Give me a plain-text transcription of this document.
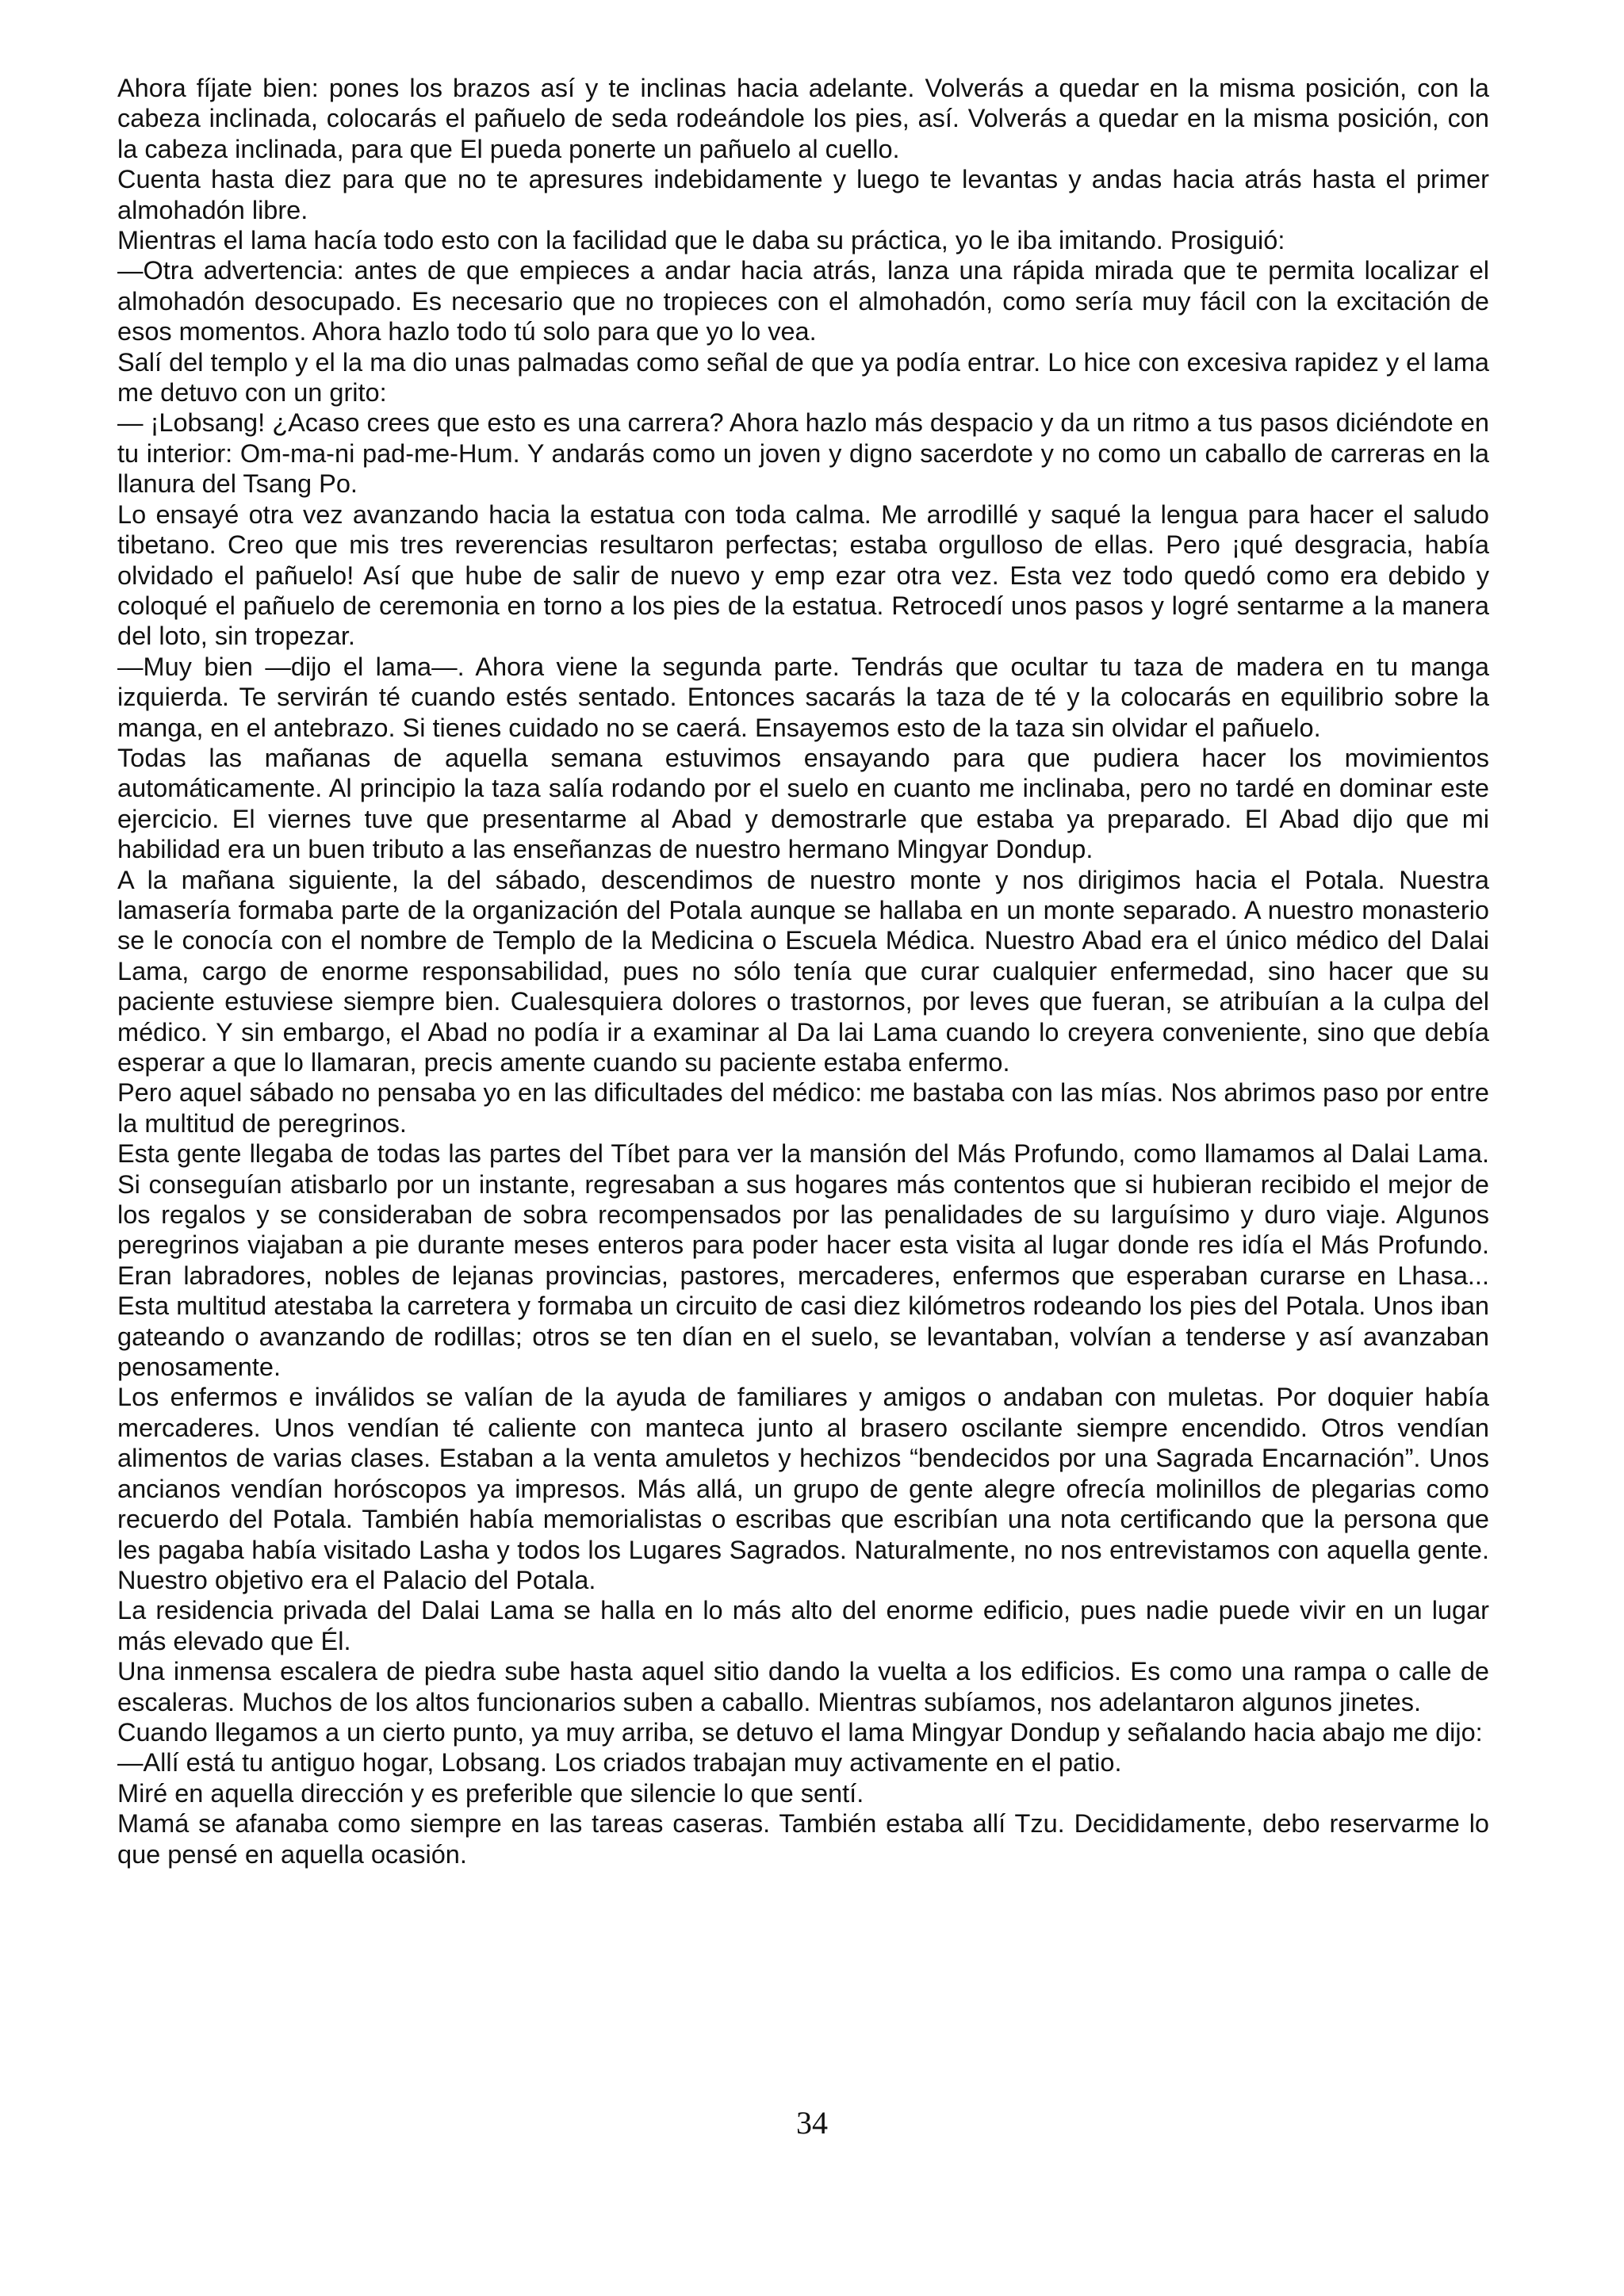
Ahora fíjate bien: pones los brazos así y te inclinas hacia adelante. Volverás a quedar en la misma posición, con la cabeza inclinada, colocarás el pañuelo de seda rodeándole los pies, así. Volverás a quedar en la misma posición, con la cabeza inclinada, para que El pueda ponerte un pañuelo al cuello.

Cuenta hasta diez para que no te apresures indebidamente y luego te levantas y andas hacia atrás hasta el primer almohadón libre.

Mientras el lama hacía todo esto con la facilidad que le daba su práctica, yo le iba imitando. Prosiguió:

—Otra advertencia: antes de que empieces a andar hacia atrás, lanza una rápida mirada que te permita localizar el almohadón desocupado. Es necesario que no tropieces con el almohadón, como sería muy fácil con la excitación de esos momentos. Ahora hazlo todo tú solo para que yo lo vea.

Salí del templo y el la ma dio unas palmadas como señal de que ya podía entrar. Lo hice con excesiva rapidez y el lama me detuvo con un grito:

— ¡Lobsang! ¿Acaso crees que esto es una carrera? Ahora hazlo más despacio y da un ritmo a tus pasos diciéndote en tu interior: Om-ma-ni pad-me-Hum. Y andarás como un joven y digno sacerdote y no como un caballo de carreras en la llanura del Tsang Po.

Lo ensayé otra vez avanzando hacia la estatua con toda calma. Me arrodillé y saqué la lengua para hacer el saludo tibetano. Creo que mis tres reverencias resultaron perfectas; estaba orgulloso de ellas. Pero ¡qué desgracia, había olvidado el pañuelo! Así que hube de salir de nuevo y emp ezar otra vez. Esta vez todo quedó como era debido y coloqué el pañuelo de ceremonia en torno a los pies de la estatua. Retrocedí unos pasos y logré sentarme a la manera del loto, sin tropezar.

—Muy bien —dijo el lama—. Ahora viene la segunda parte. Tendrás que ocultar tu taza de madera en tu manga izquierda. Te servirán té cuando estés sentado. Entonces sacarás la taza de té y la colocarás en equilibrio sobre la manga, en el antebrazo. Si tienes cuidado no se caerá. Ensayemos esto de la taza sin olvidar el pañuelo.

Todas las mañanas de aquella semana estuvimos ensayando para que pudiera hacer los movimientos automáticamente. Al principio la taza salía rodando por el suelo en cuanto me inclinaba, pero no tardé en dominar este ejercicio. El viernes tuve que presentarme al Abad y demostrarle que estaba ya preparado. El Abad dijo que mi habilidad era un buen tributo a las enseñanzas de nuestro hermano Mingyar Dondup.

A la mañana siguiente, la del sábado, descendimos de nuestro monte y nos dirigimos hacia el Potala. Nuestra lamasería formaba parte de la organización del Potala aunque se hallaba en un monte separado. A nuestro monasterio se le conocía con el nombre de Templo de la Medicina o Escuela Médica. Nuestro Abad era el único médico del Dalai Lama, cargo de enorme responsabilidad, pues no sólo tenía que curar cualquier enfermedad, sino hacer que su paciente estuviese siempre bien. Cualesquiera dolores o trastornos, por leves que fueran, se atribuían a la culpa del médico. Y sin embargo, el Abad no podía ir a examinar al Da lai Lama cuando lo creyera conveniente, sino que debía esperar a que lo llamaran, precis amente cuando su paciente estaba enfermo.

Pero aquel sábado no pensaba yo en las dificultades del médico: me bastaba con las mías. Nos abrimos paso por entre la multitud de peregrinos.

Esta gente llegaba de todas las partes del Tíbet para ver la mansión del Más Profundo, como llamamos al Dalai Lama. Si conseguían atisbarlo por un instante, regresaban a sus hogares más contentos que si hubieran recibido el mejor de los regalos y se consideraban de sobra recompensados por las penalidades de su larguísimo y duro viaje. Algunos peregrinos viajaban a pie durante meses enteros para poder hacer esta visita al lugar donde res idía el Más Profundo. Eran labradores, nobles de lejanas provincias, pastores, mercaderes, enfermos que esperaban curarse en Lhasa... Esta multitud atestaba la carretera y formaba un circuito de casi diez kilómetros rodeando los pies del Potala. Unos iban gateando o avanzando de rodillas; otros se ten dían en el suelo, se levantaban, volvían a tenderse y así avanzaban penosamente.

Los enfermos e inválidos se valían de la ayuda de familiares y amigos o andaban con muletas. Por doquier había mercaderes. Unos vendían té caliente con manteca junto al brasero oscilante siempre encendido. Otros vendían alimentos de varias clases. Estaban a la venta amuletos y hechizos “bendecidos por una Sagrada Encarnación”. Unos ancianos vendían horóscopos ya impresos. Más allá, un grupo de gente alegre ofrecía molinillos de plegarias como recuerdo del Potala. También había memorialistas o escribas que escribían una nota certificando que la persona que les pagaba había visitado Lasha y todos los Lugares Sagrados. Naturalmente, no nos entrevistamos con aquella gente. Nuestro objetivo era el Palacio del Potala.

La residencia privada del Dalai Lama se halla en lo más alto del enorme edificio, pues nadie puede vivir en un lugar más elevado que Él.

Una inmensa escalera de piedra sube hasta aquel sitio dando la vuelta a los edificios. Es como una rampa o calle de escaleras. Muchos de los altos funcionarios suben a caballo. Mientras subíamos, nos adelantaron algunos jinetes.

Cuando llegamos a un cierto punto, ya muy arriba, se detuvo el lama Mingyar Dondup y señalando hacia abajo me dijo:

—Allí está tu antiguo hogar, Lobsang. Los criados trabajan muy activamente en el patio.

Miré en aquella dirección y es preferible que silencie lo que sentí.

Mamá se afanaba como siempre en las tareas caseras. También estaba allí Tzu. Decididamente, debo reservarme lo que pensé en aquella ocasión.

34
